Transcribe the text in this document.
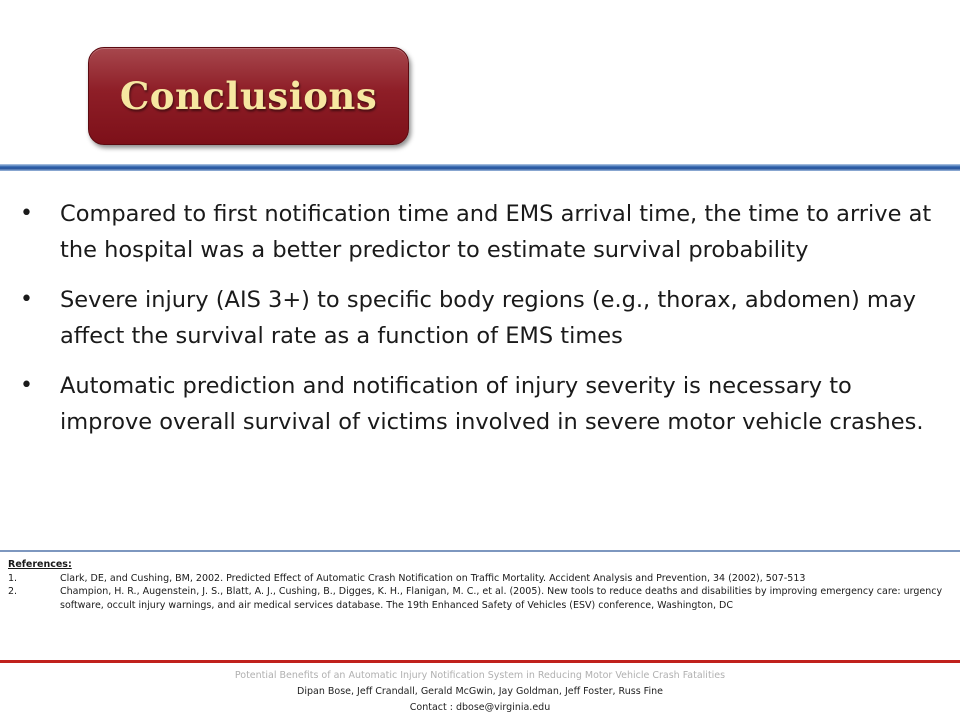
Conclusions
• Compared to first notification time and EMS arrival time, the time to arrive at the hospital was a better predictor to estimate survival probability
• Severe injury (AIS 3+) to specific body regions (e.g., thorax, abdomen) may affect the survival rate as a function of EMS times
• Automatic prediction and notification of injury severity is necessary to improve overall survival of victims involved in severe motor vehicle crashes.
References:
1.	Clark, DE, and Cushing, BM, 2002. Predicted Effect of Automatic Crash Notification on Traffic Mortality. Accident Analysis and Prevention, 34 (2002), 507-513
2.	Champion, H. R., Augenstein, J. S., Blatt, A. J., Cushing, B., Digges, K. H., Flanigan, M. C., et al. (2005). New tools to reduce deaths and disabilities by improving emergency care: urgency software, occult injury warnings, and air medical services database. The 19th Enhanced Safety of Vehicles (ESV) conference, Washington, DC
Potential Benefits of an Automatic Injury Notification System in Reducing Motor Vehicle Crash Fatalities
Dipan Bose, Jeff Crandall, Gerald McGwin, Jay Goldman, Jeff Foster, Russ Fine
Contact : dbose@virginia.edu
